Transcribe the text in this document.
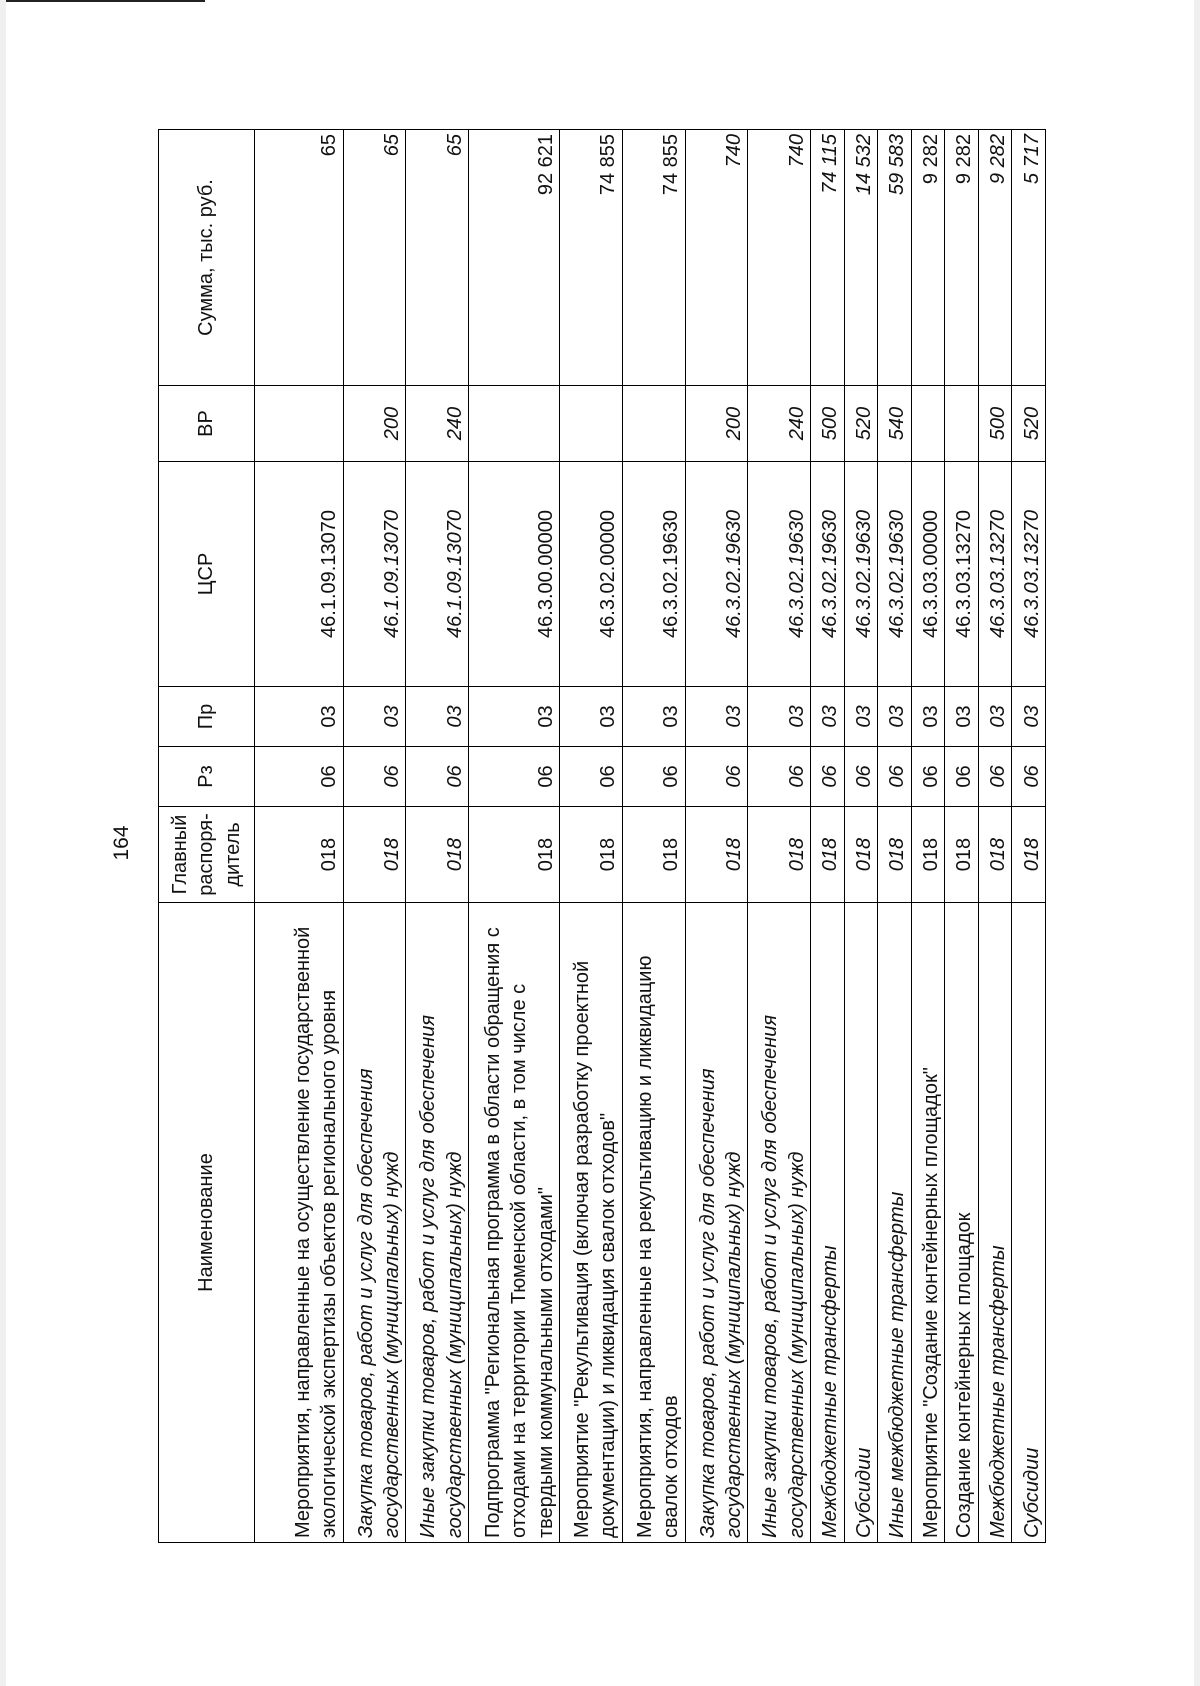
164
Наименование	Главный распоря-дитель	Рз	Пр	ЦСР	ВР	Сумма, тыс. руб.
Мероприятия, направленные на осуществление государственной экологической экспертизы объектов регионального уровня	018	06	03	46.1.09.13070		65
Закупка товаров, работ и услуг для обеспечения государственных (муниципальных) нужд	018	06	03	46.1.09.13070	200	65
Иные закупки товаров, работ и услуг для обеспечения государственных (муниципальных) нужд	018	06	03	46.1.09.13070	240	65
Подпрограмма "Региональная программа в области обращения с отходами на территории Тюменской области, в том числе с твердыми коммунальными отходами"	018	06	03	46.3.00.00000		92 621
Мероприятие "Рекультивация (включая разработку проектной документации) и ликвидация свалок отходов"	018	06	03	46.3.02.00000		74 855
Мероприятия, направленные на рекультивацию и ликвидацию свалок отходов	018	06	03	46.3.02.19630		74 855
Закупка товаров, работ и услуг для обеспечения государственных (муниципальных) нужд	018	06	03	46.3.02.19630	200	740
Иные закупки товаров, работ и услуг для обеспечения государственных (муниципальных) нужд	018	06	03	46.3.02.19630	240	740
Межбюджетные трансферты	018	06	03	46.3.02.19630	500	74 115
Субсидии	018	06	03	46.3.02.19630	520	14 532
Иные межбюджетные трансферты	018	06	03	46.3.02.19630	540	59 583
Мероприятие "Создание контейнерных площадок"	018	06	03	46.3.03.00000		9 282
Создание контейнерных площадок	018	06	03	46.3.03.13270		9 282
Межбюджетные трансферты	018	06	03	46.3.03.13270	500	9 282
Субсидии	018	06	03	46.3.03.13270	520	5 717
